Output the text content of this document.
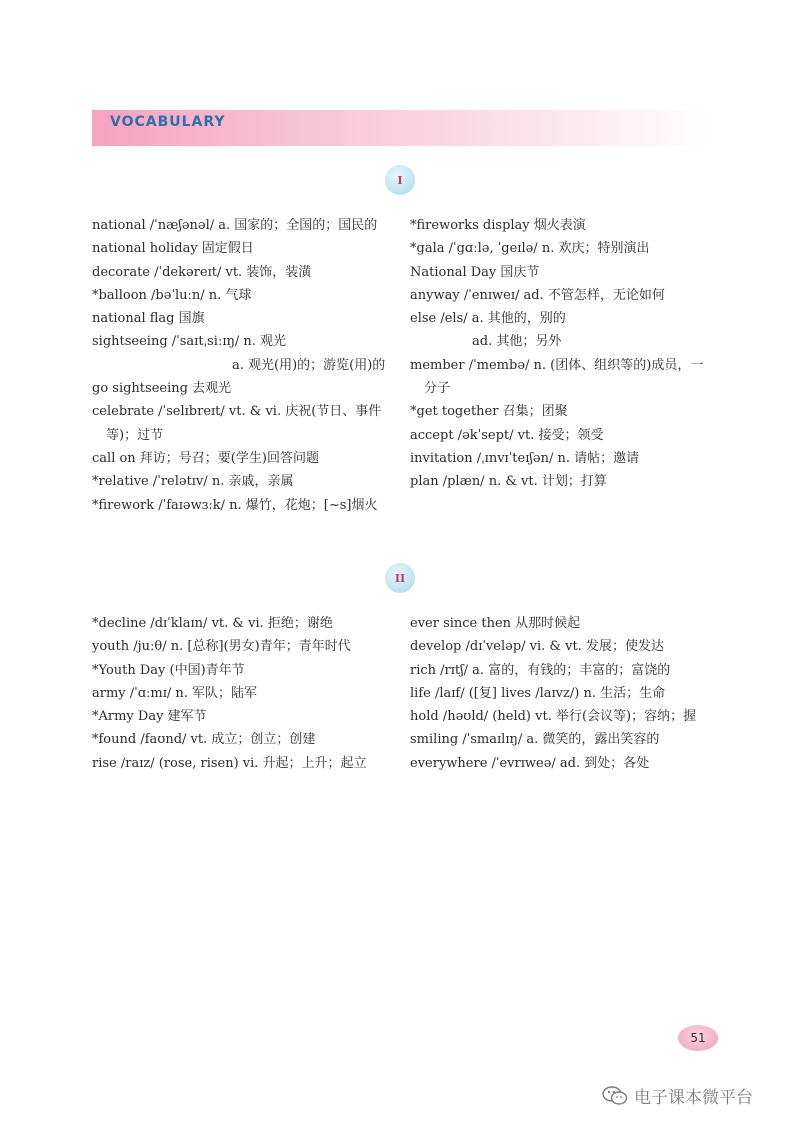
VOCABULARY
I
national /ˈnæʃənəl/ a. 国家的；全国的；国民的
national holiday 固定假日
decorate /ˈdekəreɪt/ vt. 装饰，装潢
*balloon /bəˈluːn/ n. 气球
national flag 国旗
sightseeing /ˈsaɪtˌsiːɪŋ/ n. 观光
a. 观光(用)的；游览(用)的
go sightseeing 去观光
celebrate /ˈselɪbreɪt/ vt. & vi. 庆祝(节日、事件
等)；过节
call on 拜访；号召；要(学生)回答问题
*relative /ˈrelətɪv/ n. 亲戚，亲属
*firework /ˈfaɪəwɜːk/ n. 爆竹，花炮；[~s]烟火
*fireworks display 烟火表演
*gala /ˈgɑːlə, ˈgeɪlə/ n. 欢庆；特别演出
National Day 国庆节
anyway /ˈenɪweɪ/ ad. 不管怎样，无论如何
else /els/ a. 其他的，别的
ad. 其他；另外
member /ˈmembə/ n. (团体、组织等的)成员，一
分子
*get together 召集；团聚
accept /əkˈsept/ vt. 接受；领受
invitation /ˌɪnvɪˈteɪʃən/ n. 请帖；邀请
plan /plæn/ n. & vt. 计划；打算
II
*decline /dɪˈklaɪn/ vt. & vi. 拒绝；谢绝
youth /juːθ/ n. [总称](男女)青年；青年时代
*Youth Day (中国)青年节
army /ˈɑːmɪ/ n. 军队；陆军
*Army Day 建军节
*found /faʊnd/ vt. 成立；创立；创建
rise /raɪz/ (rose, risen) vi. 升起；上升；起立
ever since then 从那时候起
develop /dɪˈveləp/ vi. & vt. 发展；使发达
rich /rɪtʃ/ a. 富的，有钱的；丰富的；富饶的
life /laɪf/ ([复] lives /laɪvz/) n. 生活；生命
hold /həʊld/ (held) vt. 举行(会议等)；容纳；握
smiling /ˈsmaɪlɪŋ/ a. 微笑的，露出笑容的
everywhere /ˈevrɪweə/ ad. 到处；各处
51
电子课本微平台
